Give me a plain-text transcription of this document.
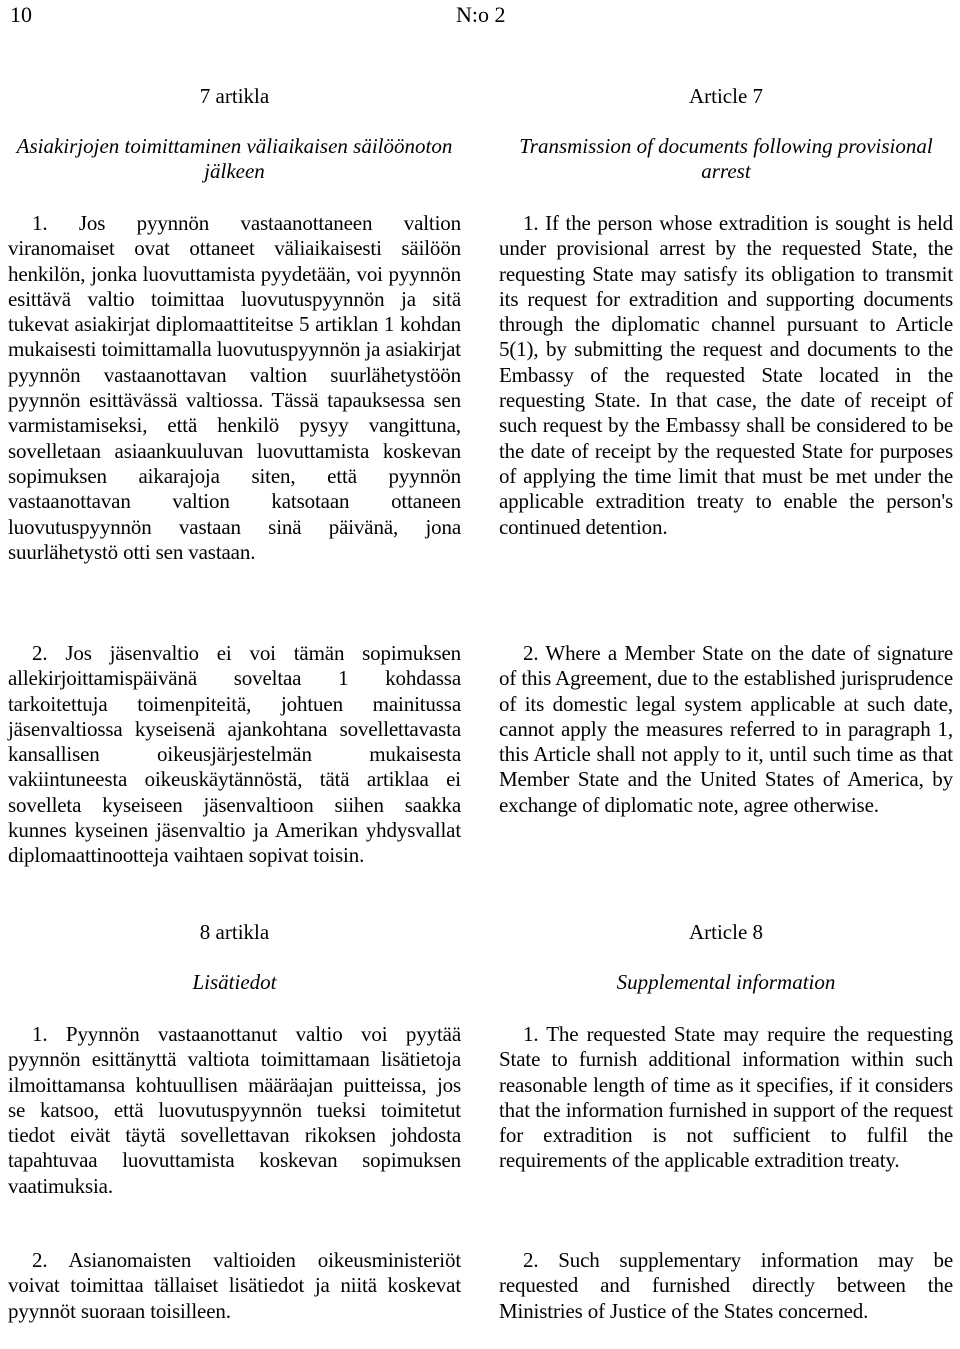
10	N:o 2
7 artikla
Asiakirjojen toimittaminen väliaikaisen säilöönoton jälkeen
1. Jos pyynnön vastaanottaneen valtion viranomaiset ovat ottaneet väliaikaisesti säilöön henkilön, jonka luovuttamista pyydetään, voi pyynnön esittävä valtio toimittaa luovutuspyynnön ja sitä tukevat asiakirjat diplomaattiteitse 5 artiklan 1 kohdan mukaisesti toimittamalla luovutuspyynnön ja asiakirjat pyynnön vastaanottavan valtion suurlähetystöön pyynnön esittävässä valtiossa. Tässä tapauksessa sen varmistamiseksi, että henkilö pysyy vangittuna, sovelletaan asiaankuuluvan luovuttamista koskevan sopimuksen aikarajoja siten, että pyynnön vastaanottavan valtion katsotaan ottaneen luovutuspyynnön vastaan sinä päivänä, jona suurlähetystö otti sen vastaan.
2. Jos jäsenvaltio ei voi tämän sopimuksen allekirjoittamispäivänä soveltaa 1 kohdassa tarkoitettuja toimenpiteitä, johtuen mainitussa jäsenvaltiossa kyseisenä ajankohtana sovellettavasta kansallisen oikeusjärjestelmän mukaisesta vakiintuneesta oikeuskäytännöstä, tätä artiklaa ei sovelleta kyseiseen jäsenvaltioon siihen saakka kunnes kyseinen jäsenvaltio ja Amerikan yhdysvallat diplomaattinootteja vaihtaen sopivat toisin.
8 artikla
Lisätiedot
1. Pyynnön vastaanottanut valtio voi pyytää pyynnön esittänyttä valtiota toimittamaan lisätietoja ilmoittamansa kohtuullisen määräajan puitteissa, jos se katsoo, että luovutuspyynnön tueksi toimitetut tiedot eivät täytä sovellettavan rikoksen johdosta tapahtuvaa luovuttamista koskevan sopimuksen vaatimuksia.
2. Asianomaisten valtioiden oikeusministeriöt voivat toimittaa tällaiset lisätiedot ja niitä koskevat pyynnöt suoraan toisilleen.
Article 7
Transmission of documents following provisional arrest
1. If the person whose extradition is sought is held under provisional arrest by the requested State, the requesting State may satisfy its obligation to transmit its request for extradition and supporting documents through the diplomatic channel pursuant to Article 5(1), by submitting the request and documents to the Embassy of the requested State located in the requesting State. In that case, the date of receipt of such request by the Embassy shall be considered to be the date of receipt by the requested State for purposes of applying the time limit that must be met under the applicable extradition treaty to enable the person's continued detention.
2. Where a Member State on the date of signature of this Agreement, due to the established jurisprudence of its domestic legal system applicable at such date, cannot apply the measures referred to in paragraph 1, this Article shall not apply to it, until such time as that Member State and the United States of America, by exchange of diplomatic note, agree otherwise.
Article 8
Supplemental information
1. The requested State may require the requesting State to furnish additional information within such reasonable length of time as it specifies, if it considers that the information furnished in support of the request for extradition is not sufficient to fulfil the requirements of the applicable extradition treaty.
2. Such supplementary information may be requested and furnished directly between the Ministries of Justice of the States concerned.
